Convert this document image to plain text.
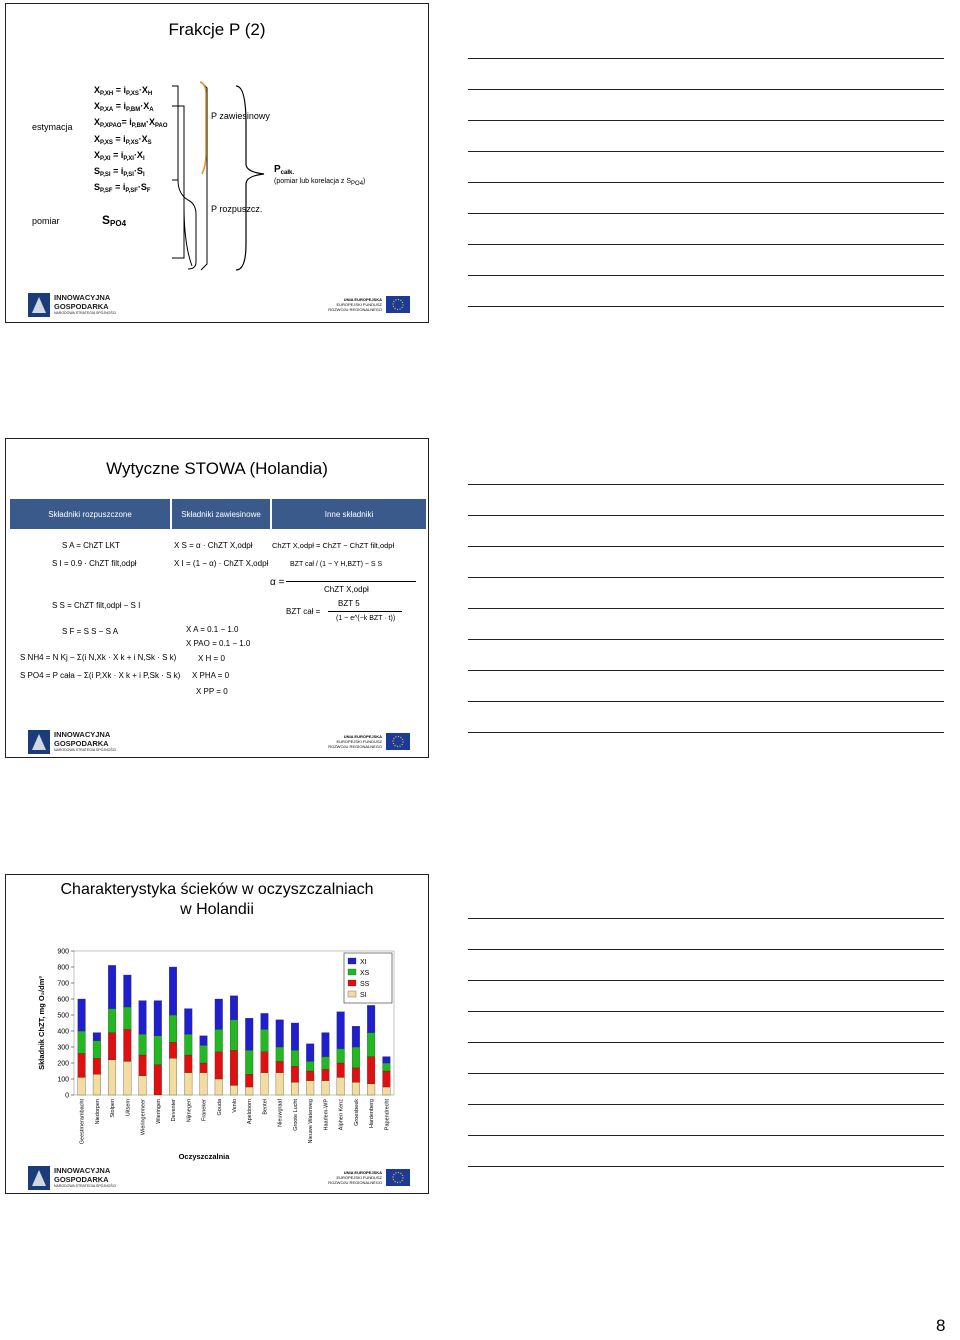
Frakcje P (2)
estymacja
pomiar
$X_{P,XH} = i_{P,XS}\cdot X_H$
$X_{P,XA} = i_{P,BM}\cdot X_A$
$X_{P,XPAO}= i_{P,BM}\cdot X_{PAO}$
$X_{P,XS} = i_{P,XS}\cdot X_S$
$X_{P,XI} = i_{P,XI}\cdot X_I$
$S_{P,SI} = i_{P,SI}\cdot S_I$
$S_{P,SF} = i_{P,SF}\cdot S_F$
$S_{PO4}$
P zawiesinowy
P rozpuszcz.
$P_{całk.}$
(pomiar lub korelacja z SPO4)
INNOWACYJNA
GOSPODARKA
NARODOWA STRATEGIA SPÓJNOŚCI
UNIA EUROPEJSKA
EUROPEJSKI FUNDUSZ
ROZWOJU REGIONALNEGO
Wytyczne STOWA (Holandia)
Składniki rozpuszczone	Składniki zawiesinowe	Inne składniki
S A = ChZT LKT
S I = 0.9 · ChZT filt,odpł
S S = ChZT filt,odpł − S I
S F = S S − S A
S NH4 = N Kj − Σ(i N,Xk · X k + i N,Sk · S k)
S PO4 = P cała − Σ(i P,Xk · X k + i P,Sk · S k)
X S = α · ChZT X,odpł
X I = (1 − α) · ChZT X,odpł
X A = 0.1 − 1.0
X PAO = 0.1 − 1.0
X H = 0
X PHA = 0
X PP = 0
ChZT X,odpł = ChZT − ChZT filt,odpł
BZT cał / (1 − Y H,BZT) − S S
α =
ChZT X,odpł
BZT cał =
BZT 5
(1 − e^(−k BZT · t))
INNOWACYJNA
GOSPODARKA
NARODOWA STRATEGIA SPÓJNOŚCI
UNIA EUROPEJSKA
EUROPEJSKI FUNDUSZ
ROZWOJU REGIONALNEGO
Charakterystyka ścieków w oczyszczalniach
w Holandii
0
100
200
300
400
500
600
700
800
900
Składnik ChZT, mg O₂/dm³
Geestmerambacht Niedorpen Stolpen Uitsem Wieringermeer Wieringen Deventer Nijmegen Franeker Gouda Venlo Apeldoorn Bentel Nieuwgraaf Groote Lucht Nieuwe Waterweg Haarlem-WP Alphen Kenz Groesbeek Hardenberg Papendrecht
Oczyszczalnia
XI
XS
SS
SI
INNOWACYJNA
GOSPODARKA
NARODOWA STRATEGIA SPÓJNOŚCI
UNIA EUROPEJSKA
EUROPEJSKI FUNDUSZ
ROZWOJU REGIONALNEGO
8
